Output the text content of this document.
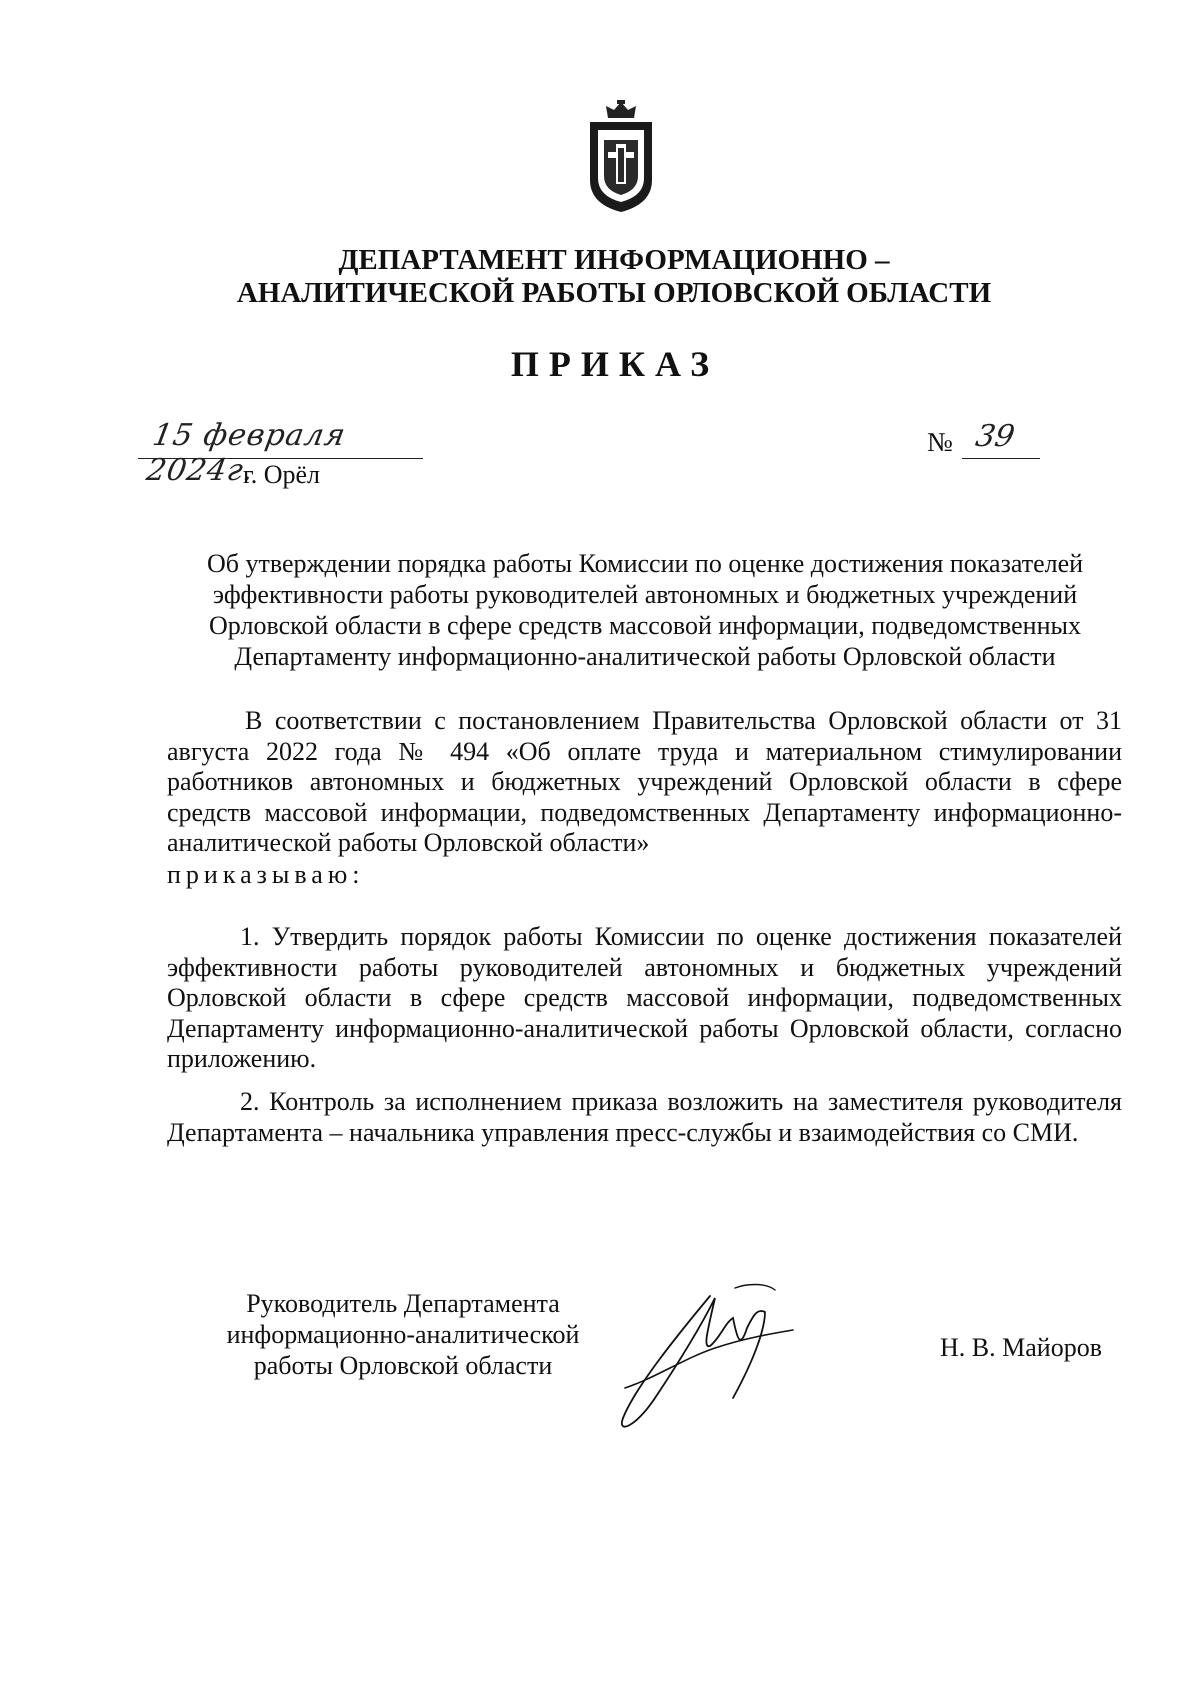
ДЕПАРТАМЕНТ ИНФОРМАЦИОННО –
АНАЛИТИЧЕСКОЙ РАБОТЫ ОРЛОВСКОЙ ОБЛАСТИ
ПРИКАЗ
15 февраля 2024г.
г. Орёл
№ 39
Об утверждении порядка работы Комиссии по оценке достижения показателей эффективности работы руководителей автономных и бюджетных учреждений Орловской области в сфере средств массовой информации, подведомственных Департаменту информационно-аналитической работы Орловской области
В соответствии с постановлением Правительства Орловской области от 31 августа 2022 года № 494 «Об оплате труда и материальном стимулировании работников автономных и бюджетных учреждений Орловской области в сфере средств массовой информации, подведомственных Департаменту информационно-аналитической работы Орловской области»
приказываю:
1. Утвердить порядок работы Комиссии по оценке достижения показателей эффективности работы руководителей автономных и бюджетных учреждений Орловской области в сфере средств массовой информации, подведомственных Департаменту информационно-аналитической работы Орловской области, согласно приложению.
2. Контроль за исполнением приказа возложить на заместителя руководителя Департамента – начальника управления пресс-службы и взаимодействия со СМИ.
Руководитель Департамента
информационно-аналитической
работы Орловской области
Н. В. Майоров
